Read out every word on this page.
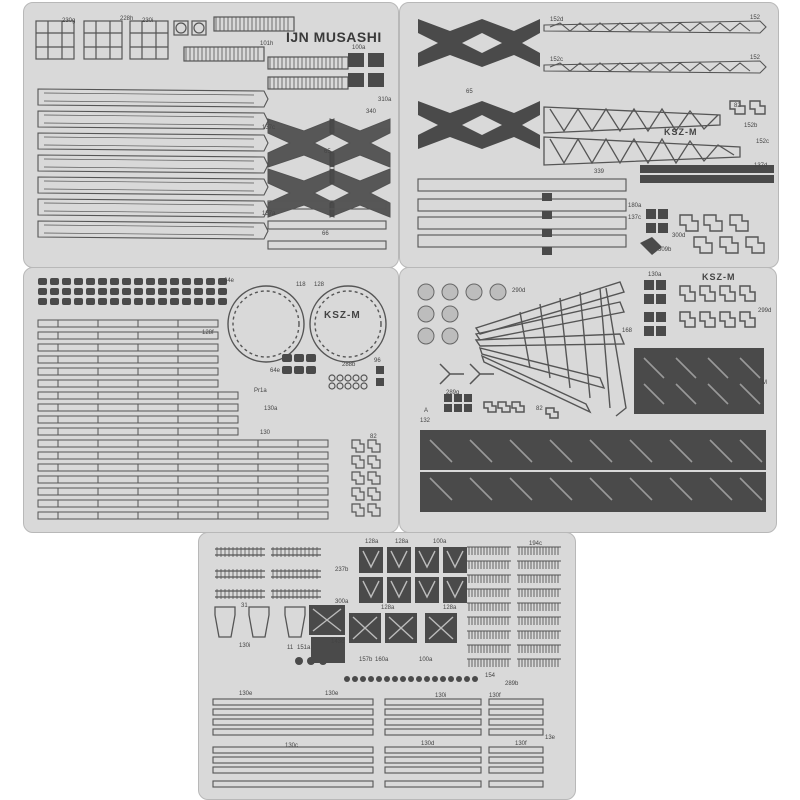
IJN MUSASHI
230g	228h 230i
101h
100a
310a
340
137c
137a
65
66
KSZ-M
65
152d	152
152c	152
82
152b
152c
339
137d
137c
180a
300d
309b
KSZ-M
64e
118 128
128f
64e
288b
96
Pr1a
130a
130
82
KSZ-M
290d
130a
299d
168
M
289g
132
A	82
128a	128a	100a	194c
237b
300a
31	128a	128a
130i	11 151a
143c
157b 160a	100a
154
289b
130e	130e	130i	130f
130c	130d	130f
13e
